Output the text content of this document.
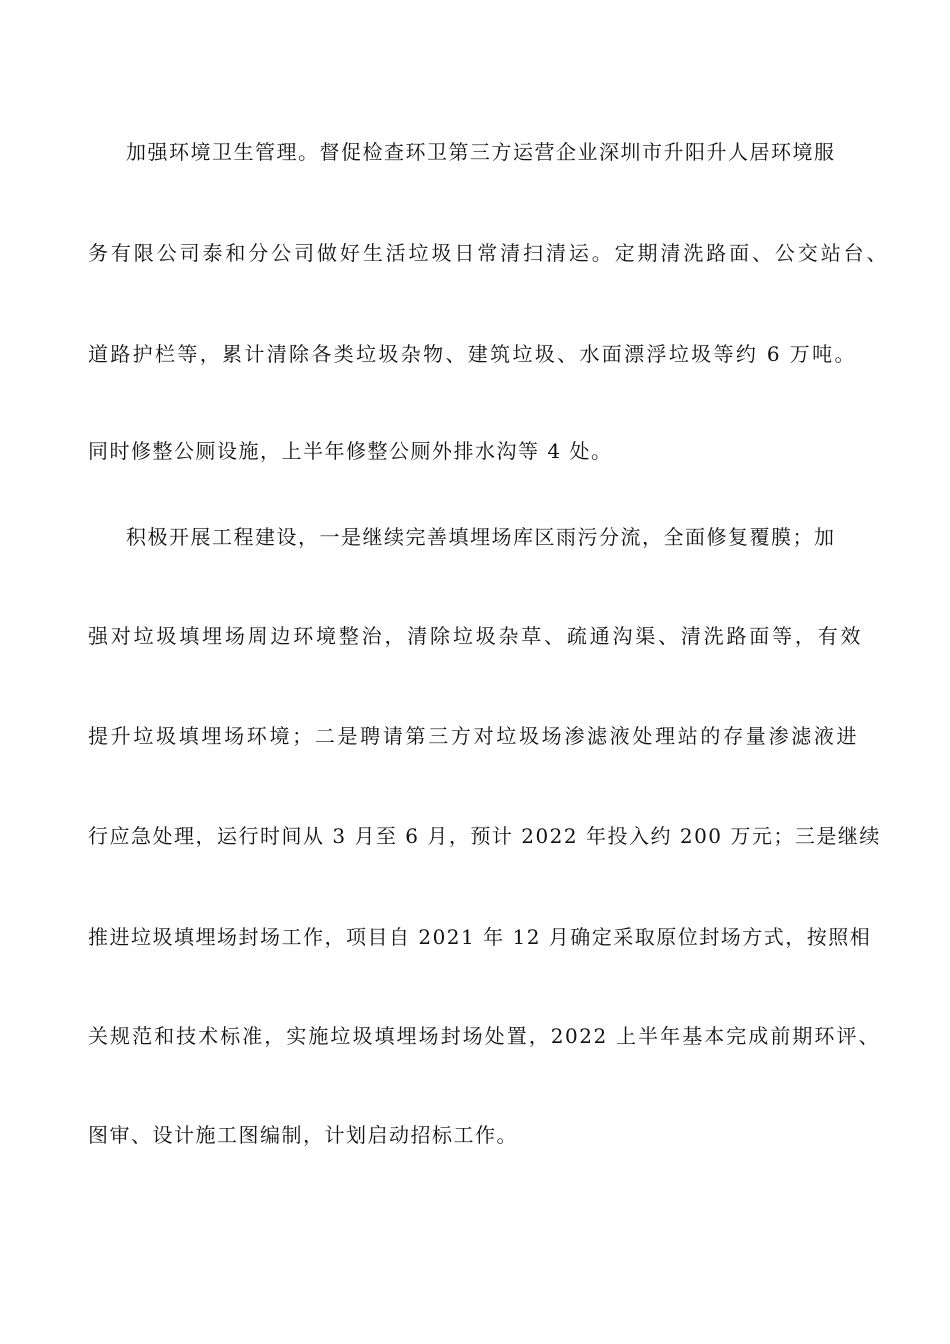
加强环境卫生管理。督促检查环卫第三方运营企业深圳市升阳升人居环境服
务有限公司泰和分公司做好生活垃圾日常清扫清运。定期清洗路面、公交站台、
道路护栏等，累计清除各类垃圾杂物、建筑垃圾、水面漂浮垃圾等约 6 万吨。
同时修整公厕设施，上半年修整公厕外排水沟等 4 处。
积极开展工程建设，一是继续完善填埋场库区雨污分流，全面修复覆膜；加
强对垃圾填埋场周边环境整治，清除垃圾杂草、疏通沟渠、清洗路面等，有效
提升垃圾填埋场环境；二是聘请第三方对垃圾场渗滤液处理站的存量渗滤液进
行应急处理，运行时间从 3 月至 6 月，预计 2022 年投入约 200 万元；三是继续
推进垃圾填埋场封场工作，项目自 2021 年 12 月确定采取原位封场方式，按照相
关规范和技术标准，实施垃圾填埋场封场处置，2022 上半年基本完成前期环评、
图审、设计施工图编制，计划启动招标工作。
